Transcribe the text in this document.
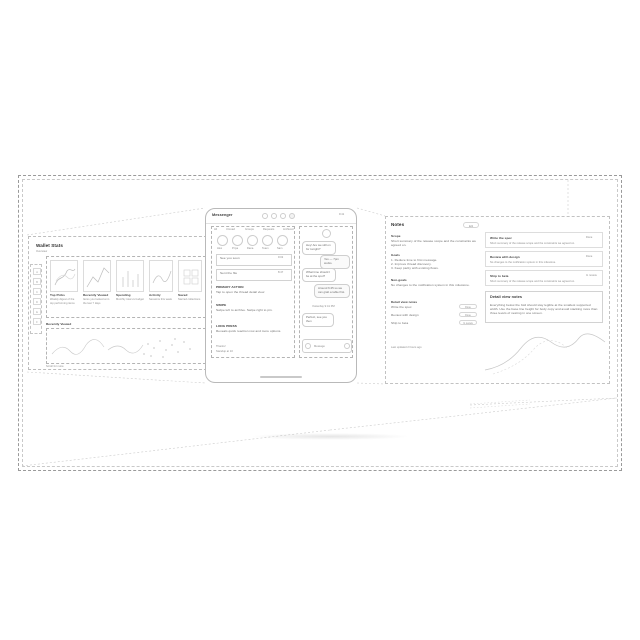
Wallet Stats
Overview
A
B
C
D
E
F
Top Picks
Weekly digest of the top performing items
Recently Viewed
Items you looked at in the last 7 days
Spending
Monthly total vs budget
Activity
Sessions this week
Saved
Starred collections
Recently Viewed
Scroll for more
Messenger	9:41
All	Unread	Groups	Requests	Archived
Alex	Priya	Dana	Team	Sam
See you soon	9:02
Sent the file	8:47
PRIMARY ACTION
Tap to open the thread detail view
SWIPE
Swipe left to archive. Swipe right to pin.
LONG PRESS
Reveals quick reaction row and more options.
Thanks!
Standup at 10
Hey! Are we still on for tonight?
Yes — 7pm works.
What time should I be at the spot?
Around 6:45 so we can grab a table first.
Yesterday 9:41 PM
Perfect, see you then
Message
Notes	Edit
Scope
Short summary of the release scope and the constraints we agreed on.
Goals
1. Reduce time to first message.
2. Improve thread discovery.
3. Keep parity with existing flows.
Non-goals
No changes to the notification system in this milestone.
Detail view notes
Write the spec	Done
Review with design	Done
Ship to beta	In review
Last updated 2 hours ago
Write the spec
Short summary of the release scope and the constraints we agreed on.
Done
Review with design
No changes to the notification system in this milestone.
Done
Ship to beta
Short summary of the release scope and the constraints we agreed on.
In review
Detail view notes
Everything below the fold should stay legible at the smallest supported width. Use the base line height for body copy and avoid stacking more than three levels of nesting in one screen.
